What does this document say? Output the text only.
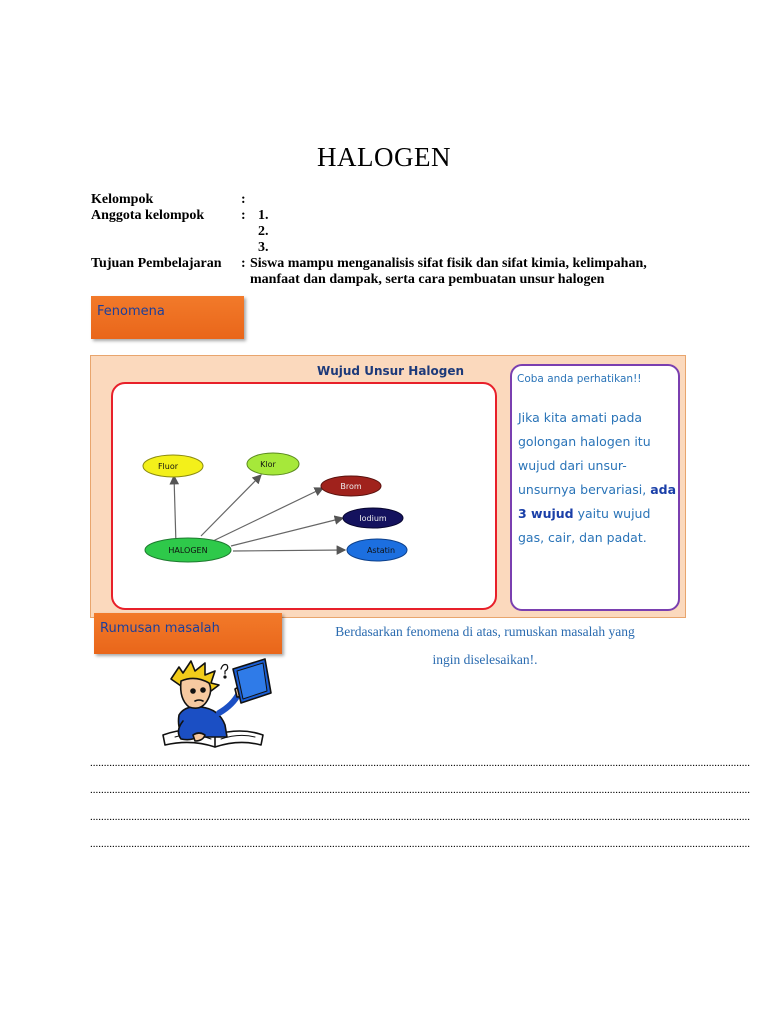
HALOGEN
Kelompok	:
Anggota kelompok	: 1.
2.
3.
Tujuan Pembelajaran : Siswa mampu menganalisis sifat fisik dan sifat kimia, kelimpahan,
manfaat dan dampak, serta cara pembuatan unsur halogen
Fenomena
Wujud Unsur Halogen
HALOGEN
Fluor	Klor
Brom
Iodium
Astatin
Coba anda perhatikan!!
Jika kita amati pada golongan halogen itu wujud dari unsur-unsurnya bervariasi, ada 3 wujud yaitu wujud gas, cair, dan padat.
Rumusan masalah	Berdasarkan fenomena di atas, rumuskan masalah yang
ingin diselesaikan!.
................................................................................................................................................................................................................................................
................................................................................................................................................................................................................................................
................................................................................................................................................................................................................................................
................................................................................................................................................................................................................................................
